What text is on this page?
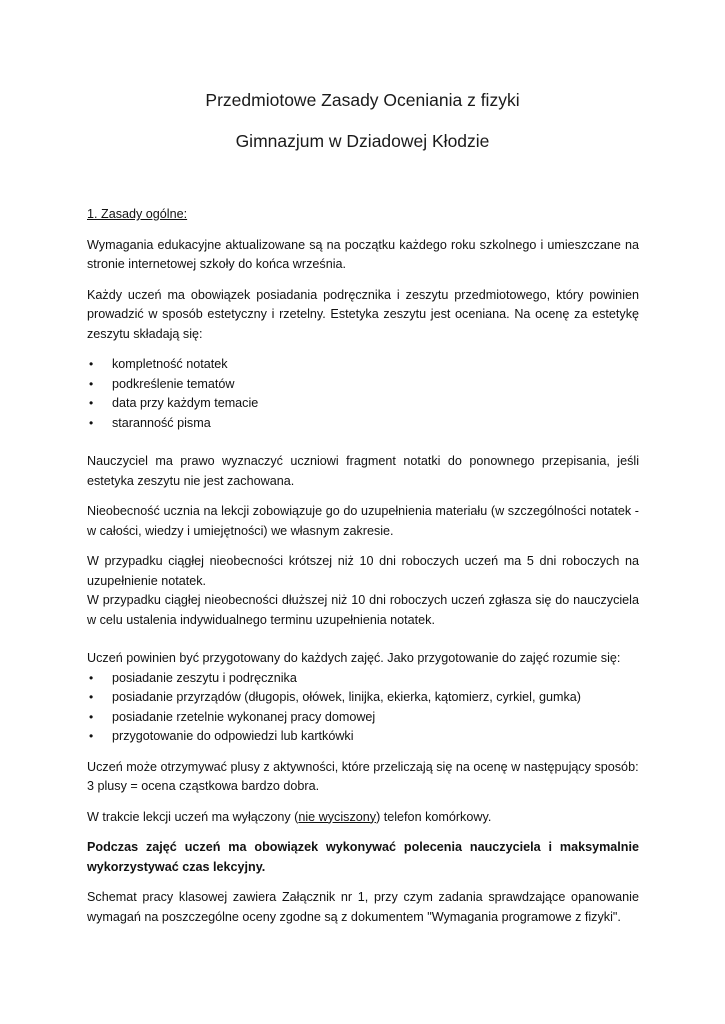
Przedmiotowe Zasady Oceniania z fizyki
Gimnazjum w Dziadowej Kłodzie

1. Zasady ogólne:

Wymagania edukacyjne aktualizowane są na początku każdego roku szkolnego i umieszczane na stronie internetowej szkoły do końca września.

Każdy uczeń ma obowiązek posiadania podręcznika i zeszytu przedmiotowego, który powinien prowadzić w sposób estetyczny i rzetelny. Estetyka zeszytu jest oceniana. Na ocenę za estetykę zeszytu składają się:

• kompletność notatek
• podkreślenie tematów
• data przy każdym temacie
• staranność pisma

Nauczyciel ma prawo wyznaczyć uczniowi fragment notatki do ponownego przepisania, jeśli estetyka zeszytu nie jest zachowana.

Nieobecność ucznia na lekcji zobowiązuje go do uzupełnienia materiału (w szczególności notatek - w całości, wiedzy i umiejętności) we własnym zakresie.

W przypadku ciągłej nieobecności krótszej niż 10 dni roboczych uczeń ma 5 dni roboczych na uzupełnienie notatek.

W przypadku ciągłej nieobecności dłuższej niż 10 dni roboczych uczeń zgłasza się do nauczyciela w celu ustalenia indywidualnego terminu uzupełnienia notatek.

Uczeń powinien być przygotowany do każdych zajęć. Jako przygotowanie do zajęć rozumie się:

• posiadanie zeszytu i podręcznika
• posiadanie przyrządów (długopis, ołówek, linijka, ekierka, kątomierz, cyrkiel, gumka)
• posiadanie rzetelnie wykonanej pracy domowej
• przygotowanie do odpowiedzi lub kartkówki

Uczeń może otrzymywać plusy z aktywności, które przeliczają się na ocenę w następujący sposób:

3 plusy = ocena cząstkowa bardzo dobra.

W trakcie lekcji uczeń ma wyłączony (nie wyciszony) telefon komórkowy.

Podczas zajęć uczeń ma obowiązek wykonywać polecenia nauczyciela i maksymalnie wykorzystywać czas lekcyjny.

Schemat pracy klasowej zawiera Załącznik nr 1, przy czym zadania sprawdzające opanowanie wymagań na poszczególne oceny zgodne są z dokumentem "Wymagania programowe z fizyki".
